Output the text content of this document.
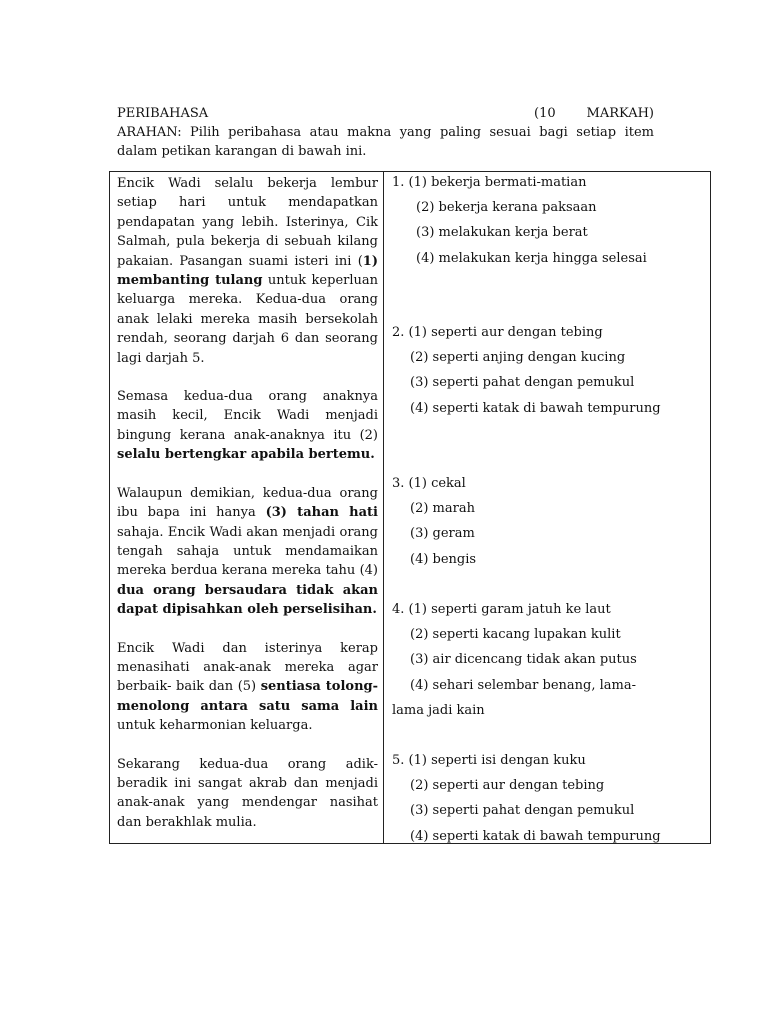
PERIBAHASA	(10 MARKAH)
ARAHAN: Pilih peribahasa atau makna yang paling sesuai bagi setiap item dalam petikan karangan di bawah ini.

Encik Wadi selalu bekerja lembur setiap hari untuk mendapatkan pendapatan yang lebih. Isterinya, Cik Salmah, pula bekerja di sebuah kilang pakaian. Pasangan suami isteri ini (1) membanting tulang untuk keperluan keluarga mereka. Kedua-dua orang anak lelaki mereka masih bersekolah rendah, seorang darjah 6 dan seorang lagi darjah 5.

Semasa kedua-dua orang anaknya masih kecil, Encik Wadi menjadi bingung kerana anak-anaknya itu (2) selalu bertengkar apabila bertemu.

Walaupun demikian, kedua-dua orang ibu bapa ini hanya (3) tahan hati sahaja. Encik Wadi akan menjadi orang tengah sahaja untuk mendamaikan mereka berdua kerana mereka tahu (4) dua orang bersaudara tidak akan dapat dipisahkan oleh perselisihan.

Encik Wadi dan isterinya kerap menasihati anak-anak mereka agar berbaik- baik dan (5) sentiasa tolong-menolong antara satu sama lain untuk keharmonian keluarga.

Sekarang kedua-dua orang adik-beradik ini sangat akrab dan menjadi anak-anak yang mendengar nasihat dan berakhlak mulia.

1. (1) bekerja bermati-matian
(2) bekerja kerana paksaan
(3) melakukan kerja berat
(4) melakukan kerja hingga selesai
2. (1) seperti aur dengan tebing
(2) seperti anjing dengan kucing
(3) seperti pahat dengan pemukul
(4) seperti katak di bawah tempurung
3. (1) cekal
(2) marah
(3) geram
(4) bengis
4. (1) seperti garam jatuh ke laut
(2) seperti kacang lupakan kulit
(3) air dicencang tidak akan putus
(4) sehari selembar benang, lama-
lama jadi kain
5. (1) seperti isi dengan kuku
(2) seperti aur dengan tebing
(3) seperti pahat dengan pemukul
(4) seperti katak di bawah tempurung
